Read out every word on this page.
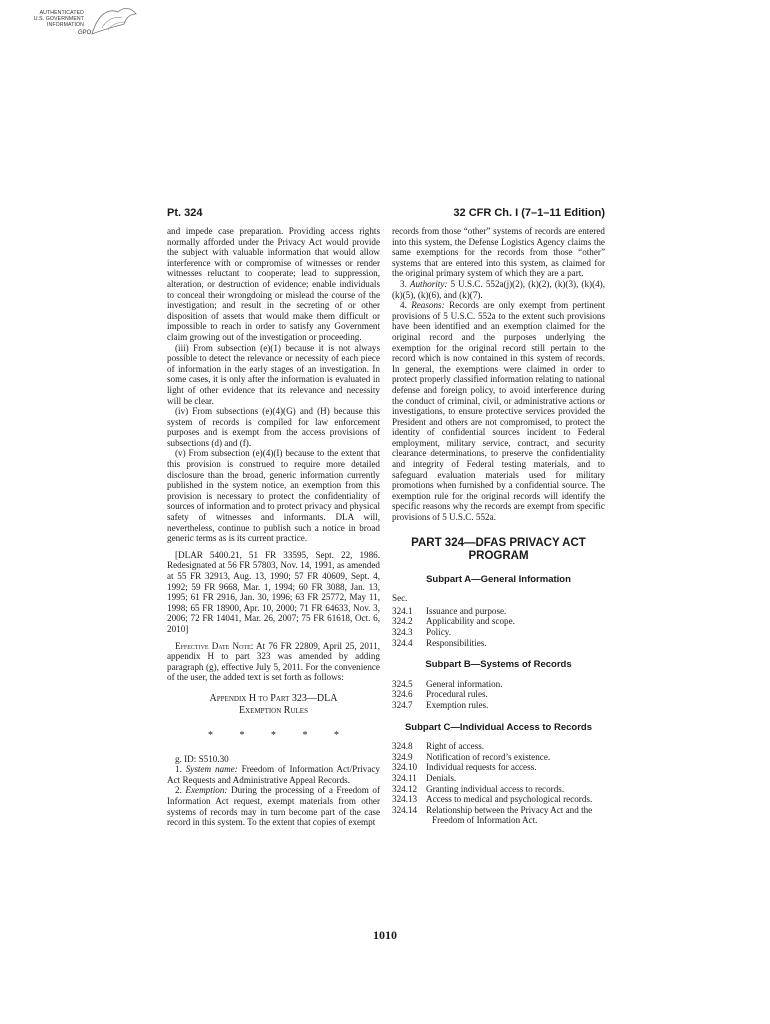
AUTHENTICATED
U.S. GOVERNMENT
INFORMATION
GPO
Pt. 324	32 CFR Ch. I (7–1–11 Edition)

and impede case preparation. Providing access rights normally afforded under the Privacy Act would provide the subject with valuable information that would allow interference with or compromise of witnesses or render witnesses reluctant to cooperate; lead to suppression, alteration, or destruction of evidence; enable individuals to conceal their wrongdoing or mislead the course of the investigation; and result in the secreting of or other disposition of assets that would make them difficult or impossible to reach in order to satisfy any Government claim growing out of the investigation or proceeding.

(iii) From subsection (e)(1) because it is not always possible to detect the relevance or necessity of each piece of information in the early stages of an investigation. In some cases, it is only after the information is evaluated in light of other evidence that its relevance and necessity will be clear.

(iv) From subsections (e)(4)(G) and (H) because this system of records is compiled for law enforcement purposes and is exempt from the access provisions of subsections (d) and (f).

(v) From subsection (e)(4)(I) because to the extent that this provision is construed to require more detailed disclosure than the broad, generic information currently published in the system notice, an exemption from this provision is necessary to protect the confidentiality of sources of information and to protect privacy and physical safety of witnesses and informants. DLA will, nevertheless, continue to publish such a notice in broad generic terms as is its current practice.

[DLAR 5400.21, 51 FR 33595, Sept. 22, 1986. Redesignated at 56 FR 57803, Nov. 14, 1991, as amended at 55 FR 32913, Aug. 13, 1990; 57 FR 40609, Sept. 4, 1992; 59 FR 9668, Mar. 1, 1994; 60 FR 3088, Jan. 13, 1995; 61 FR 2916, Jan. 30, 1996; 63 FR 25772, May 11, 1998; 65 FR 18900, Apr. 10, 2000; 71 FR 64633, Nov. 3, 2006; 72 FR 14041, Mar. 26, 2007; 75 FR 61618, Oct. 6, 2010]

Effective Date Note: At 76 FR 22809, April 25, 2011, appendix H to part 323 was amended by adding paragraph (g), effective July 5, 2011. For the convenience of the user, the added text is set forth as follows:

Appendix H to Part 323—DLA
Exemption Rules
* * * * *

g. ID: S510.30

1. System name: Freedom of Information Act/Privacy Act Requests and Administrative Appeal Records.

2. Exemption: During the processing of a Freedom of Information Act request, exempt materials from other systems of records may in turn become part of the case record in this system. To the extent that copies of exempt

records from those “other” systems of records are entered into this system, the Defense Logistics Agency claims the same exemptions for the records from those “other” systems that are entered into this system, as claimed for the original primary system of which they are a part.

3. Authority: 5 U.S.C. 552a(j)(2), (k)(2), (k)(3), (k)(4), (k)(5), (k)(6), and (k)(7).

4. Reasons: Records are only exempt from pertinent provisions of 5 U.S.C. 552a to the extent such provisions have been identified and an exemption claimed for the original record and the purposes underlying the exemption for the original record still pertain to the record which is now contained in this system of records. In general, the exemptions were claimed in order to protect properly classified information relating to national defense and foreign policy, to avoid interference during the conduct of criminal, civil, or administrative actions or investigations, to ensure protective services provided the President and others are not compromised, to protect the identity of confidential sources incident to Federal employment, military service, contract, and security clearance determinations, to preserve the confidentiality and integrity of Federal testing materials, and to safeguard evaluation materials used for military promotions when furnished by a confidential source. The exemption rule for the original records will identify the specific reasons why the records are exempt from specific provisions of 5 U.S.C. 552a.

PART 324—DFAS PRIVACY ACT
PROGRAM
Subpart A—General Information
Sec.
324.1	Issuance and purpose.
324.2	Applicability and scope.
324.3	Policy.
324.4	Responsibilities.
Subpart B—Systems of Records
324.5	General information.
324.6	Procedural rules.
324.7	Exemption rules.
Subpart C—Individual Access to Records
324.8	Right of access.
324.9	Notification of record’s existence.
324.10 Individual requests for access.
324.11	Denials.
324.12 Granting individual access to records.
324.13 Access to medical and psychological records.
324.14 Relationship between the Privacy Act and the Freedom of Information Act.
1010
